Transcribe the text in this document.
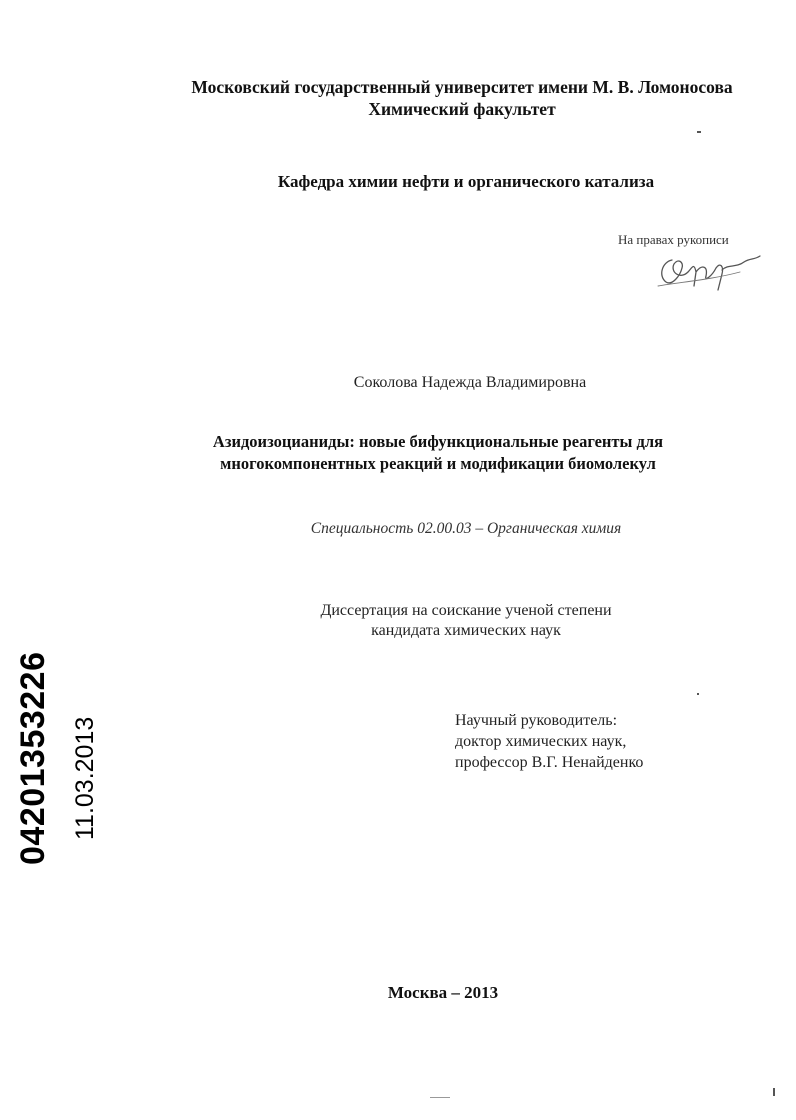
Московский государственный университет имени М. В. Ломоносова
Химический факультет
Кафедра химии нефти и органического катализа
На правах рукописи
Соколова Надежда Владимировна
Азидоизоцианиды: новые бифункциональные реагенты для
многокомпонентных реакций и модификации биомолекул
Специальность 02.00.03 – Органическая химия
Диссертация на соискание ученой степени
кандидата химических наук
Научный руководитель:
доктор химических наук,
профессор В.Г. Ненайденко
Москва – 2013
04201353226 11.03.2013
